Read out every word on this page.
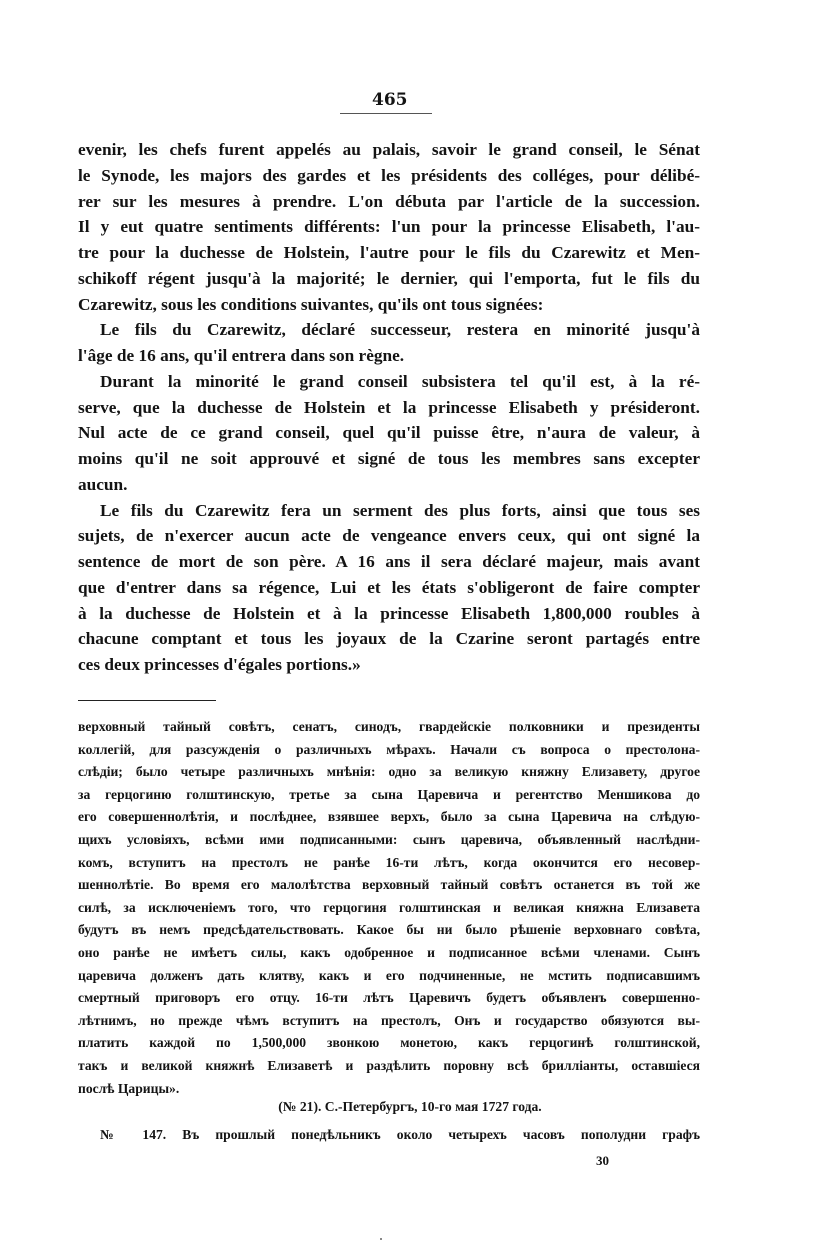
465
evenir, les chefs furent appelés au palais, savoir le grand conseil, le Sénat
le Synode, les majors des gardes et les présidents des colléges, pour délibé-
rer sur les mesures à prendre. L'on débuta par l'article de la succession.
Il y eut quatre sentiments différents: l'un pour la princesse Elisabeth, l'au-
tre pour la duchesse de Holstein, l'autre pour le fils du Czarewitz et Men-
schikoff régent jusqu'à la majorité; le dernier, qui l'emporta, fut le fils du
Czarewitz, sous les conditions suivantes, qu'ils ont tous signées:
Le fils du Czarewitz, déclaré successeur, restera en minorité jusqu'à
l'âge de 16 ans, qu'il entrera dans son règne.
Durant la minorité le grand conseil subsistera tel qu'il est, à la ré-
serve, que la duchesse de Holstein et la princesse Elisabeth y présideront.
Nul acte de ce grand conseil, quel qu'il puisse être, n'aura de valeur, à
moins qu'il ne soit approuvé et signé de tous les membres sans excepter
aucun.
Le fils du Czarewitz fera un serment des plus forts, ainsi que tous ses
sujets, de n'exercer aucun acte de vengeance envers ceux, qui ont signé la
sentence de mort de son père. A 16 ans il sera déclaré majeur, mais avant
que d'entrer dans sa régence, Lui et les états s'obligeront de faire compter
à la duchesse de Holstein et à la princesse Elisabeth 1,800,000 roubles à
chacune comptant et tous les joyaux de la Czarine seront partagés entre
ces deux princesses d'égales portions.»
верховный тайный совѣтъ, сенатъ, синодъ, гвардейскіе полковники и президенты
коллегій, для разсужденія о различныхъ мѣрахъ. Начали съ вопроса о престолона-
слѣдіи; было четыре различныхъ мнѣнія: одно за великую княжну Елизавету, другое
за герцогиню голштинскую, третье за сына Царевича и регентство Меншикова до
его совершеннолѣтія, и послѣднее, взявшее верхъ, было за сына Царевича на слѣдую-
щихъ условіяхъ, всѣми ими подписанными: сынъ царевича, объявленный наслѣдни-
комъ, вступитъ на престолъ не ранѣе 16-ти лѣтъ, когда окончится его несовер-
шеннолѣтіе. Во время его малолѣтства верховный тайный совѣтъ останется въ той же
силѣ, за исключеніемъ того, что герцогиня голштинская и великая княжна Елизавета
будутъ въ немъ предсѣдательствовать. Какое бы ни было рѣшеніе верховнаго совѣта,
оно ранѣе не имѣетъ силы, какъ одобренное и подписанное всѣми членами. Сынъ
царевича долженъ дать клятву, какъ и его подчиненные, не мстить подписавшимъ
смертный приговоръ его отцу. 16-ти лѣтъ Царевичъ будетъ объявленъ совершенно-
лѣтнимъ, но прежде чѣмъ вступитъ на престолъ, Онъ и государство обязуются вы-
платить каждой по 1,500,000 звонкою монетою, какъ герцогинѣ голштинской,
такъ и великой княжнѣ Елизаветѣ и раздѣлить поровну всѣ брилліанты, оставшіеся
послѣ Царицы».
(№ 21). С.-Петербургъ, 10-го мая 1727 года.
№ 147. Въ прошлый понедѣльникъ около четырехъ часовъ пополудни графъ
30
